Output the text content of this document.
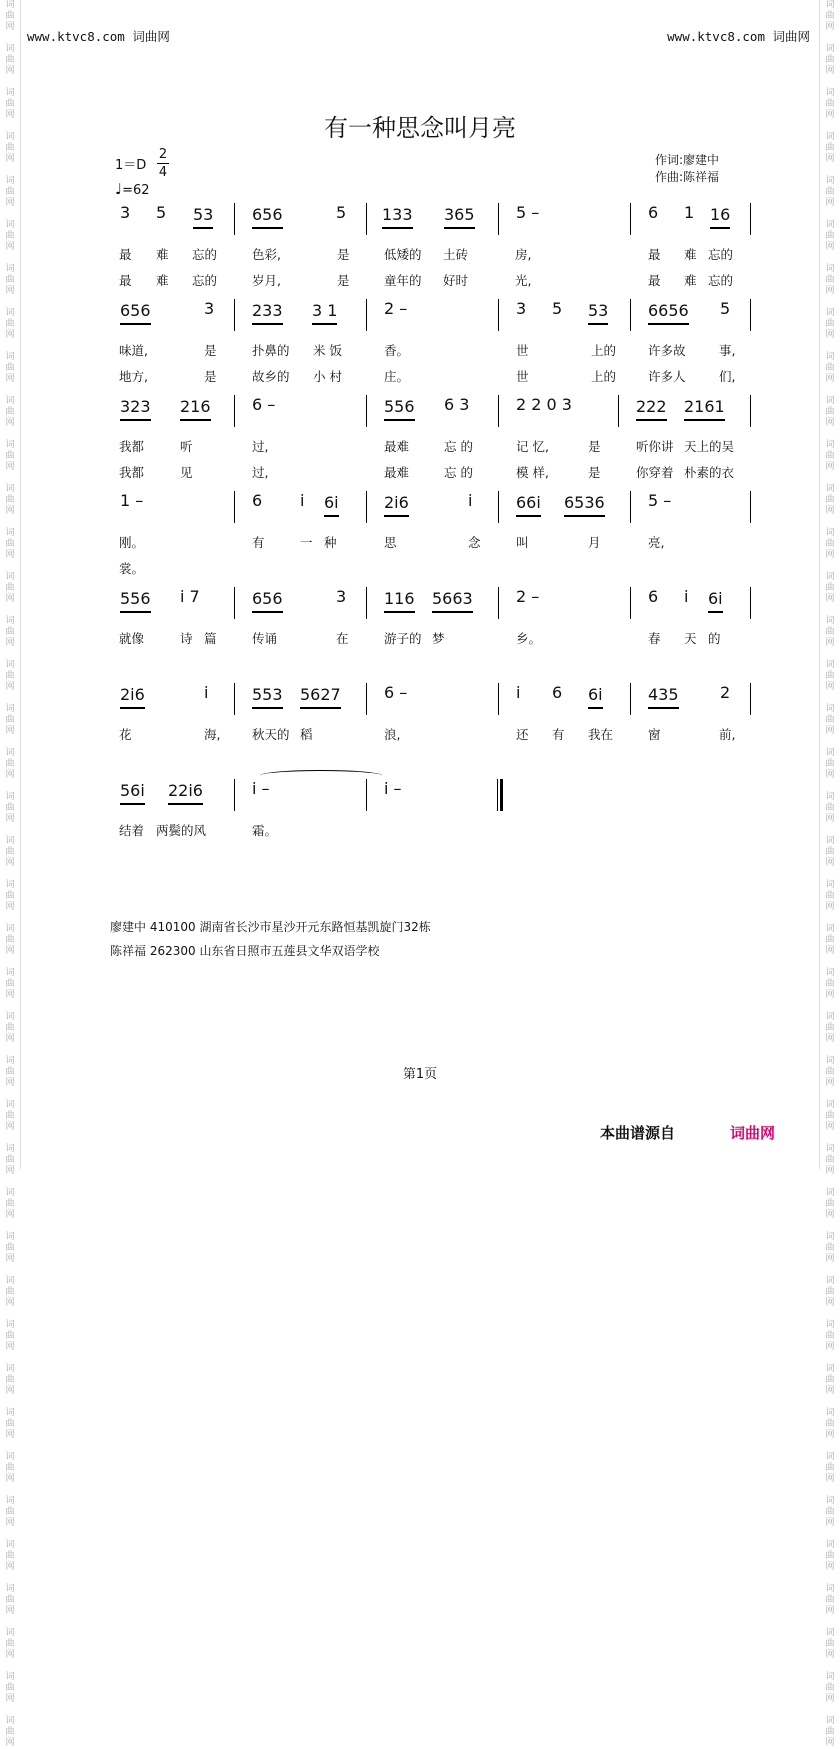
词
曲
网

词
曲
网

词
曲
网

词
曲
网

词
曲
网

词
曲
网

词
曲
网

词
曲
网

词
曲
网

词
曲
网

词
曲
网

词
曲
网

词
曲
网

词
曲
网

词
曲
网

词
曲
网

词
曲
网

词
曲
网

词
曲
网

词
曲
网

词
曲
网

词
曲
网

词
曲
网

词
曲
网

词
曲
网

词
曲
网

词
曲
网

词
曲
网

词
曲
网

词
曲
网

词
曲
网

词
曲
网

词
曲
网

词
曲
网

词
曲
网

词
曲
网

词
曲
网

词
曲
网

词
曲
网

词
曲
网

词
曲
网

词
曲
网

词
曲
网

词
曲
网

词
曲
网

词
曲
网

词
曲
网

词
曲
网

词
曲
网

词
曲
网

词
曲
网

词
曲
网

词
曲
网

词
曲
网

词
曲
网

词
曲
网

词
曲
网

词
曲
网

词
曲
网

词
曲
网

词
曲
网

词
曲
网

词
曲
网

词
曲
网

词
曲
网

词
曲
网

词
曲
网

词
曲
网

词
曲
网

词
曲
网

词
曲
网

词
曲
网

词
曲
网

词
曲
网

词
曲
网

词
曲
网

词
曲
网

词
曲
网

词
曲
网

词
曲
网

www.ktvc8.com 词曲网	www.ktvc8.com 词曲网
有一种思念叫月亮
1＝D
2
4
♩=62
作词:廖建中
作曲:陈祥福
3 5 53 656	5 133 365	5 –	6 1 16
最 难 忘的	色彩,	是	低矮的 土砖	房,	最 难 忘的
最 难 忘的	岁月,	是	童年的 好时	光,	最 难 忘的
656	3 233 3 1	2 –	3 5 53 6656 5
味道,	是	扑鼻的 米 饭	香。	世	上的	许多故	事,
地方,	是	故乡的 小 村	庄。	世	上的	许多人	们,
323 216	6 –	556 6 3	2 2 0 3	222 2161
我都	听	过,	最难	忘 的	记 忆,	是	听你讲 天上的吴
我都	见	过,	最难	忘 的	模 样,	是	你穿着 朴素的衣
1 –	6 i 6i	2i6	i	66i 6536	5 –
刚。	有	一 种	思	念	叫	月	亮,
裳。
556 i 7	656	3 116 5663	2 –	6 i 6i
就像	诗 篇	传诵	在	游子的 梦	乡。	春 天 的
2i6	i	553 5627	6 –	i 6 6i	435	2
花	海,	秋天的 稻	浪,	还 有 我在	窗	前,
56i 22i6	i –	i –
结着 两鬓的风	霜。
廖建中 410100 湖南省长沙市星沙开元东路恒基凯旋门32栋
陈祥福 262300 山东省日照市五莲县文华双语学校
第1页
本曲谱源自	词曲网
